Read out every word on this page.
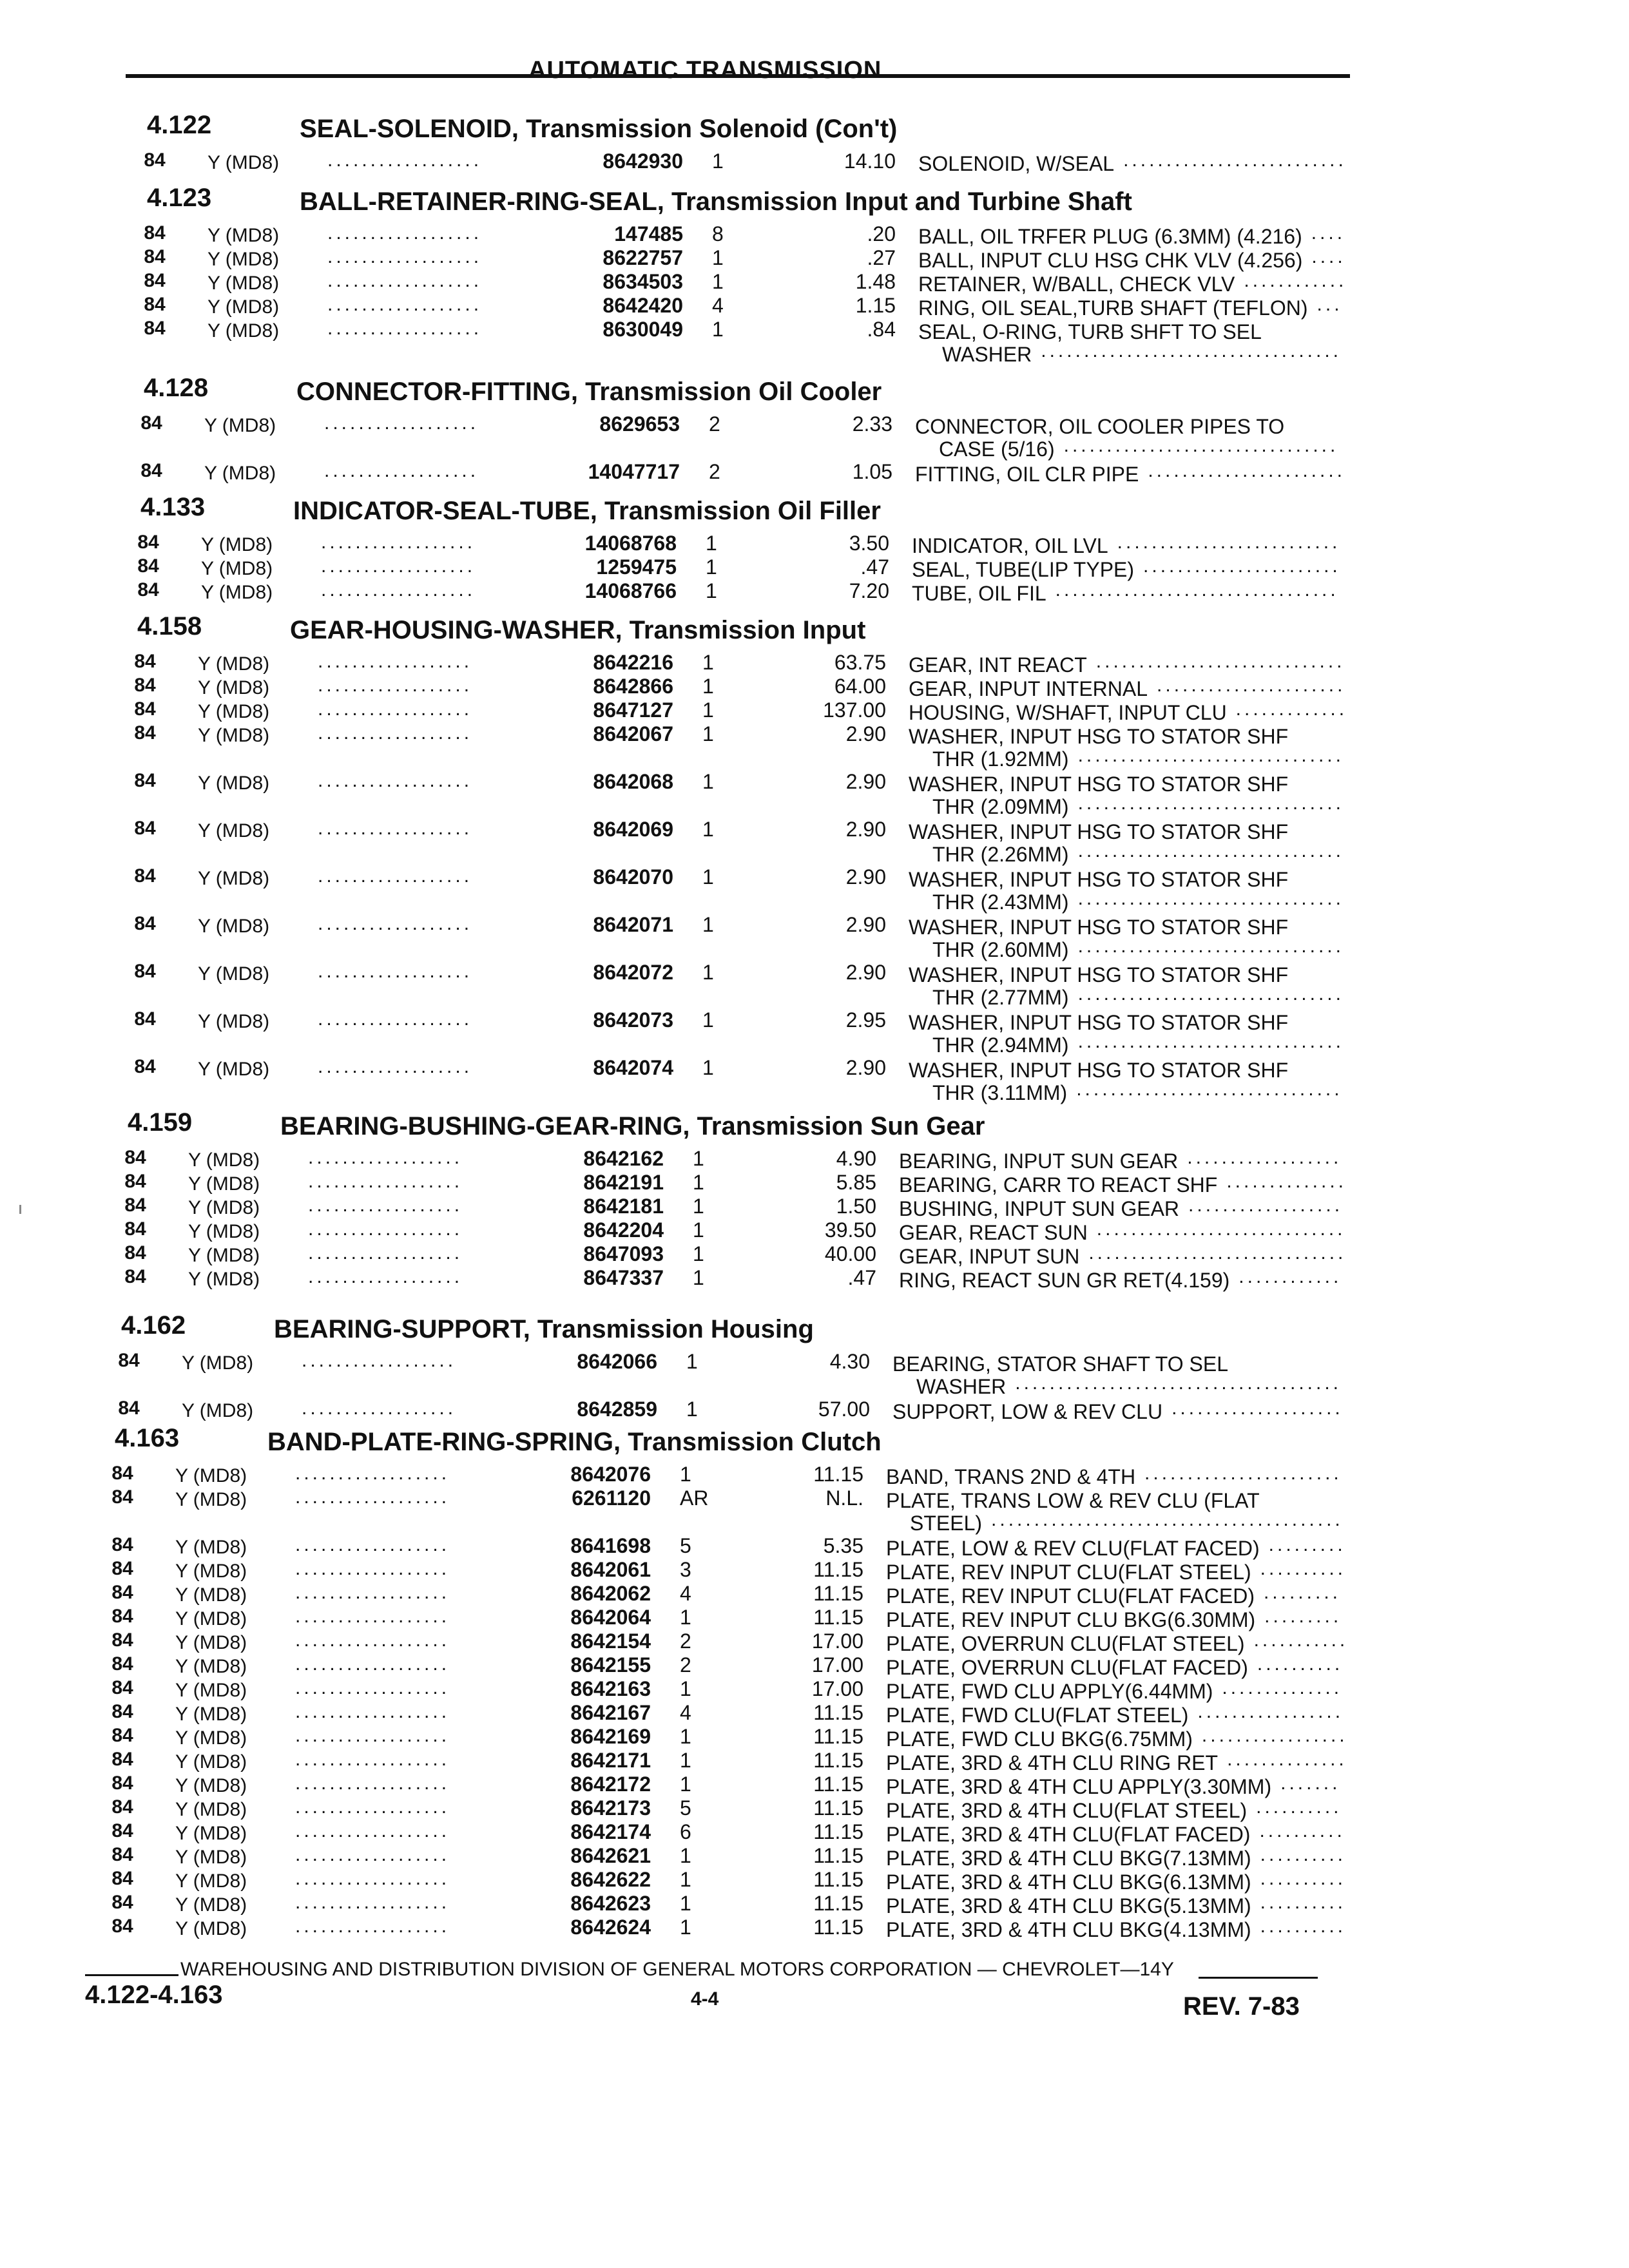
AUTOMATIC TRANSMISSION
4.122	SEAL-SOLENOID, Transmission Solenoid (Con't)
84	Y (MD8) ..................	8642930 1	14.10 SOLENOID, W/SEAL ..........................
4.123	BALL-RETAINER-RING-SEAL, Transmission Input and Turbine Shaft
84	Y (MD8) ..................	147485 8	.20 BALL, OIL TRFER PLUG (6.3MM) (4.216) ....
84	Y (MD8) ..................	8622757 1	.27 BALL, INPUT CLU HSG CHK VLV (4.256) ....
84	Y (MD8) ..................	8634503 1	1.48 RETAINER, W/BALL, CHECK VLV ............
84	Y (MD8) ..................	8642420 4	1.15 RING, OIL SEAL,TURB SHAFT (TEFLON) ...
84	Y (MD8) ..................	8630049 1	.84 SEAL, O-RING, TURB SHFT TO SEL
WASHER ...................................
4.128	CONNECTOR-FITTING, Transmission Oil Cooler
84	Y (MD8) ..................	8629653 2	2.33 CONNECTOR, OIL COOLER PIPES TO
CASE (5/16) ................................
84	Y (MD8) ..................	14047717 2	1.05 FITTING, OIL CLR PIPE .......................
4.133	INDICATOR-SEAL-TUBE, Transmission Oil Filler
84	Y (MD8) ..................	14068768 1	3.50 INDICATOR, OIL LVL ..........................
84	Y (MD8) ..................	1259475 1	.47 SEAL, TUBE(LIP TYPE) .......................
84	Y (MD8) ..................	14068766 1	7.20 TUBE, OIL FIL .................................
4.158	GEAR-HOUSING-WASHER, Transmission Input
84	Y (MD8) ..................	8642216 1	63.75 GEAR, INT REACT .............................
84	Y (MD8) ..................	8642866 1	64.00 GEAR, INPUT INTERNAL ......................
84	Y (MD8) ..................	8647127 1	137.00 HOUSING, W/SHAFT, INPUT CLU .............
84	Y (MD8) ..................	8642067 1	2.90 WASHER, INPUT HSG TO STATOR SHF
THR (1.92MM) ...............................
84	Y (MD8) ..................	8642068 1	2.90 WASHER, INPUT HSG TO STATOR SHF
THR (2.09MM) ...............................
84	Y (MD8) ..................	8642069 1	2.90 WASHER, INPUT HSG TO STATOR SHF
THR (2.26MM) ...............................
84	Y (MD8) ..................	8642070 1	2.90 WASHER, INPUT HSG TO STATOR SHF
THR (2.43MM) ...............................
84	Y (MD8) ..................	8642071 1	2.90 WASHER, INPUT HSG TO STATOR SHF
THR (2.60MM) ...............................
84	Y (MD8) ..................	8642072 1	2.90 WASHER, INPUT HSG TO STATOR SHF
THR (2.77MM) ...............................
84	Y (MD8) ..................	8642073 1	2.95 WASHER, INPUT HSG TO STATOR SHF
THR (2.94MM) ...............................
84	Y (MD8) ..................	8642074 1	2.90 WASHER, INPUT HSG TO STATOR SHF
THR (3.11MM) ...............................
4.159	BEARING-BUSHING-GEAR-RING, Transmission Sun Gear
84	Y (MD8) ..................	8642162 1	4.90 BEARING, INPUT SUN GEAR ..................
84	Y (MD8) ..................	8642191 1	5.85 BEARING, CARR TO REACT SHF ..............
84	Y (MD8) ..................	8642181 1	1.50 BUSHING, INPUT SUN GEAR ..................
84	Y (MD8) ..................	8642204 1	39.50 GEAR, REACT SUN .............................
84	Y (MD8) ..................	8647093 1	40.00 GEAR, INPUT SUN ..............................
84	Y (MD8) ..................	8647337 1	.47 RING, REACT SUN GR RET(4.159) ............
4.162	BEARING-SUPPORT, Transmission Housing
84	Y (MD8) ..................	8642066 1	4.30 BEARING, STATOR SHAFT TO SEL
WASHER ......................................
84	Y (MD8) ..................	8642859 1	57.00 SUPPORT, LOW & REV CLU ....................
4.163	BAND-PLATE-RING-SPRING, Transmission Clutch
84	Y (MD8) ..................	8642076 1	11.15 BAND, TRANS 2ND & 4TH .......................
84	Y (MD8) ..................	6261120 AR	N.L. PLATE, TRANS LOW & REV CLU (FLAT
STEEL) .........................................
84	Y (MD8) ..................	8641698 5	5.35 PLATE, LOW & REV CLU(FLAT FACED) .........
84	Y (MD8) ..................	8642061 3	11.15 PLATE, REV INPUT CLU(FLAT STEEL) ..........
84	Y (MD8) ..................	8642062 4	11.15 PLATE, REV INPUT CLU(FLAT FACED) .........
84	Y (MD8) ..................	8642064 1	11.15 PLATE, REV INPUT CLU BKG(6.30MM) .........
84	Y (MD8) ..................	8642154 2	17.00 PLATE, OVERRUN CLU(FLAT STEEL) ...........
84	Y (MD8) ..................	8642155 2	17.00 PLATE, OVERRUN CLU(FLAT FACED) ..........
84	Y (MD8) ..................	8642163 1	17.00 PLATE, FWD CLU APPLY(6.44MM) ..............
84	Y (MD8) ..................	8642167 4	11.15 PLATE, FWD CLU(FLAT STEEL) .................
84	Y (MD8) ..................	8642169 1	11.15 PLATE, FWD CLU BKG(6.75MM) .................
84	Y (MD8) ..................	8642171 1	11.15 PLATE, 3RD & 4TH CLU RING RET ..............
84	Y (MD8) ..................	8642172 1	11.15 PLATE, 3RD & 4TH CLU APPLY(3.30MM) .......
84	Y (MD8) ..................	8642173 5	11.15 PLATE, 3RD & 4TH CLU(FLAT STEEL) ..........
84	Y (MD8) ..................	8642174 6	11.15 PLATE, 3RD & 4TH CLU(FLAT FACED) ..........
84	Y (MD8) ..................	8642621 1	11.15 PLATE, 3RD & 4TH CLU BKG(7.13MM) ..........
84	Y (MD8) ..................	8642622 1	11.15 PLATE, 3RD & 4TH CLU BKG(6.13MM) ..........
84	Y (MD8) ..................	8642623 1	11.15 PLATE, 3RD & 4TH CLU BKG(5.13MM) ..........
84	Y (MD8) ..................	8642624 1	11.15 PLATE, 3RD & 4TH CLU BKG(4.13MM) ..........
WAREHOUSING AND DISTRIBUTION DIVISION OF GENERAL MOTORS CORPORATION — CHEVROLET—14Y
4.122-4.163	4-4	REV. 7-83
